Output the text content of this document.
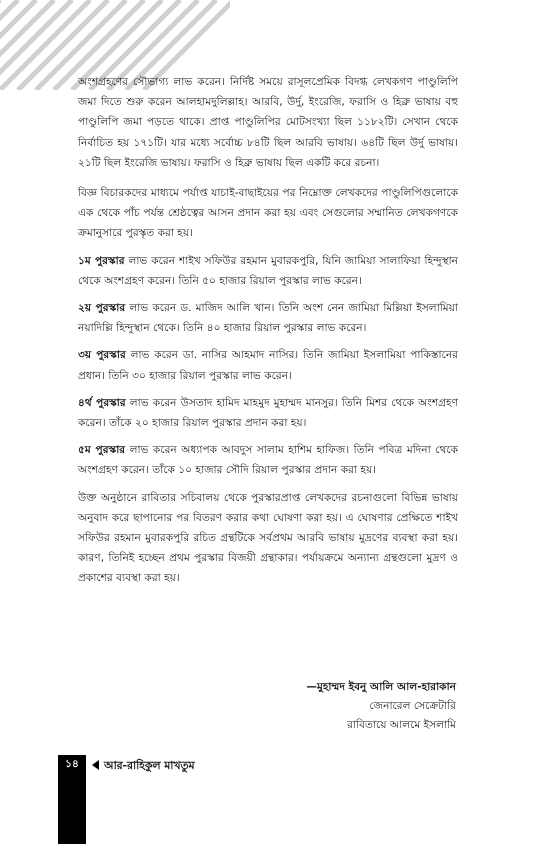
অংশগ্রহণের সৌভাগ্য লাভ করেন। নির্দিষ্ট সময়ে রাসূলপ্রেমিক বিদগ্ধ লেখকগণ পাণ্ডুলিপি জমা দিতে শুরু করেন আলহামদুলিল্লাহ। আরবি, উর্দু, ইংরেজি, ফরাসি ও হিব্রু ভাষায় বহু পাণ্ডুলিপি জমা পড়তে থাকে। প্রাপ্ত পাণ্ডুলিপির মোটসংখ্যা ছিল ১১৮২টি। সেখান থেকে নির্বাচিত হয় ১৭১টি। যার মধ্যে সর্বোচ্চ ৮৪টি ছিল আরবি ভাষায়। ৬৪টি ছিল উর্দু ভাষায়। ২১টি ছিল ইংরেজি ভাষায়। ফরাসি ও হিব্রু ভাষায় ছিল একটি করে রচনা।

বিজ্ঞ বিচারকদের মাধ্যমে পর্যাপ্ত যাচাই-বাছাইয়ের পর নিম্নোক্ত লেখকদের পাণ্ডুলিপিগুলোকে এক থেকে পাঁচ পর্যন্ত শ্রেষ্ঠত্বের আসন প্রদান করা হয় এবং সেগুলোর সম্মানিত লেখকগণকে ক্রমানুসারে পুরস্কৃত করা হয়।

১ম পুরস্কার লাভ করেন শাইখ সফিউর রহমান মুবারকপুরি, যিনি জামিয়া সালাফিয়া হিন্দুস্থান থেকে অংশগ্রহণ করেন। তিনি ৫০ হাজার রিয়াল পুরস্কার লাভ করেন।

২য় পুরস্কার লাভ করেন ড. মাজিদ আলি খান। তিনি অংশ নেন জামিয়া মিল্লিয়া ইসলামিয়া নয়াদিল্লি হিন্দুস্থান থেকে। তিনি ৪০ হাজার রিয়াল পুরস্কার লাভ করেন।

৩য় পুরস্কার লাভ করেন ডা. নাসির আহমাদ নাসির। তিনি জামিয়া ইসলামিয়া পাকিস্তানের প্রধান। তিনি ৩০ হাজার রিয়াল পুরস্কার লাভ করেন।

৪র্থ পুরস্কার লাভ করেন উসতাদ হামিদ মাহমুদ মুহাম্মদ মানসুর। তিনি মিশর থেকে অংশগ্রহণ করেন। তাঁকে ২০ হাজার রিয়াল পুরস্কার প্রদান করা হয়।

৫ম পুরস্কার লাভ করেন অধ্যাপক আবদুস সালাম হাশিম হাফিজ। তিনি পবিত্র মদিনা থেকে অংশগ্রহণ করেন। তাঁকে ১০ হাজার সৌদি রিয়াল পুরস্কার প্রদান করা হয়।

উক্ত অনুষ্ঠানে রাবিতার সচিবালয় থেকে পুরস্কারপ্রাপ্ত লেখকদের রচনাগুলো বিভিন্ন ভাষায় অনুবাদ করে ছাপানোর পর বিতরণ করার কথা ঘোষণা করা হয়। এ ঘোষণার প্রেক্ষিতে শাইখ সফিউর রহমান মুবারকপুরি রচিত গ্রন্থটিকে সর্বপ্রথম আরবি ভাষায় মুদ্রণের ব্যবস্থা করা হয়। কারণ, তিনিই হচ্ছেন প্রথম পুরস্কার বিজয়ী গ্রন্থাকার। পর্যায়ক্রমে অন্যান্য গ্রন্থগুলো মুদ্রণ ও প্রকাশের ব্যবস্থা করা হয়।

—মুহাম্মদ ইবনু আলি আল-হারাকান
জেনারেল সেক্রেটারি
রাবিতায়ে আলমে ইসলামি
১৪	আর-রাহিকুল মাখতুম
